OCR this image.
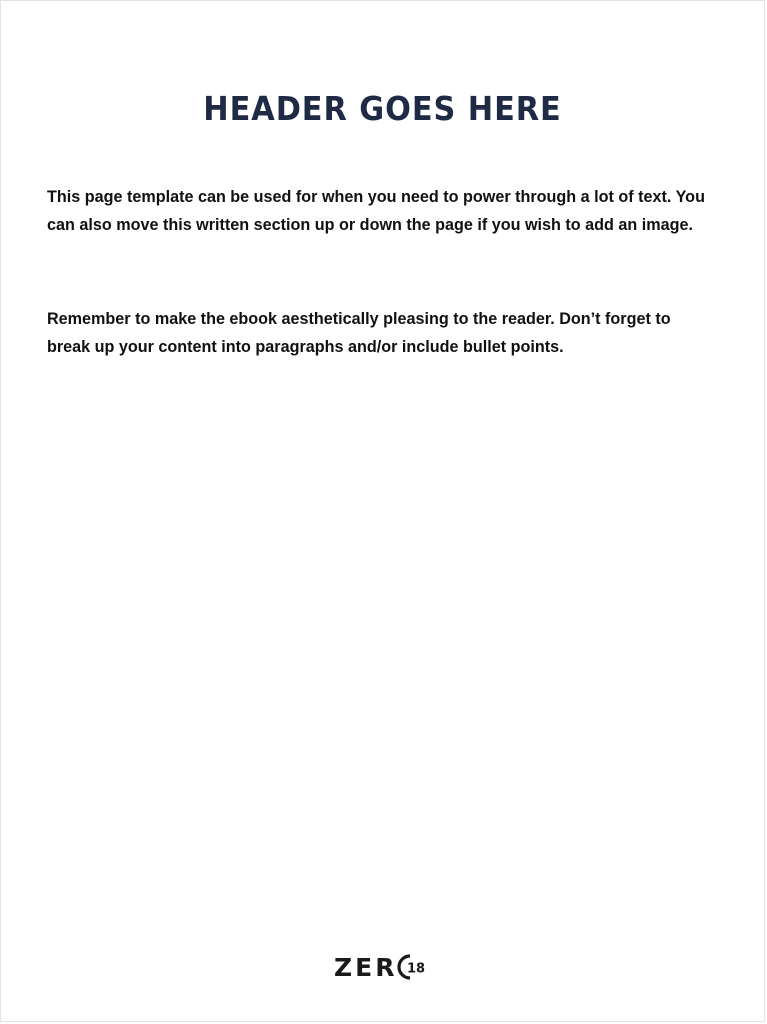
HEADER GOES HERE

This page template can be used for when you need to power through a lot of text. You can also move this written section up or down the page if you wish to add an image.

Remember to make the ebook aesthetically pleasing to the reader. Don’t forget to break up your content into paragraphs and/or include bullet points.

ZER 18
